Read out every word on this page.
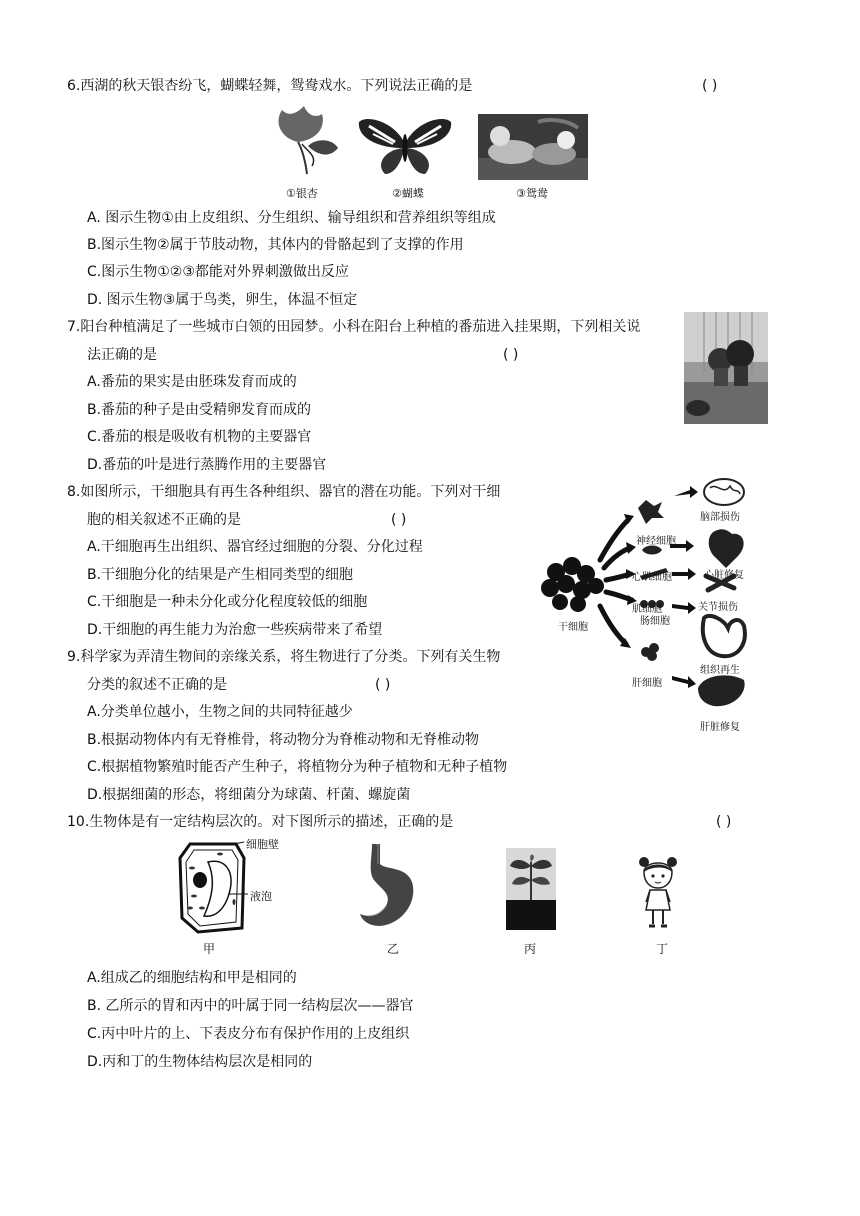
6.西湖的秋天银杏纷飞，蝴蝶轻舞，鸳鸯戏水。下列说法正确的是	( )
①银杏	②蝴蝶	③鸳鸯
A. 图示生物①由上皮组织、分生组织、输导组织和营养组织等组成
B.图示生物②属于节肢动物，其体内的骨骼起到了支撑的作用
C.图示生物①②③都能对外界刺激做出反应
D. 图示生物③属于鸟类，卵生，体温不恒定
7.阳台种植满足了一些城市白领的田园梦。小科在阳台上种植的番茄进入挂果期，下列相关说
法正确的是	( )
A.番茄的果实是由胚珠发育而成的
B.番茄的种子是由受精卵发育而成的
C.番茄的根是吸收有机物的主要器官
D.番茄的叶是进行蒸腾作用的主要器官
8.如图所示，干细胞具有再生各种组织、器官的潜在功能。下列对干细
胞的相关叙述不正确的是	( )
A.干细胞再生出组织、器官经过细胞的分裂、分化过程
B.干细胞分化的结果是产生相同类型的细胞
C.干细胞是一种未分化或分化程度较低的细胞
D.干细胞的再生能力为治愈一些疾病带来了希望	干细胞
神经细胞
心肌细胞
肌细胞
肠细胞
肝细胞
脑部损伤
心脏修复
关节损伤
组织再生
肝脏修复
9.科学家为弄清生物间的亲缘关系，将生物进行了分类。下列有关生物
分类的叙述不正确的是	( )
A.分类单位越小，生物之间的共同特征越少
B.根据动物体内有无脊椎骨，将动物分为脊椎动物和无脊椎动物
C.根据植物繁殖时能否产生种子，将植物分为种子植物和无种子植物
D.根据细菌的形态，将细菌分为球菌、杆菌、螺旋菌
10.生物体是有一定结构层次的。对下图所示的描述，正确的是	( )
细胞壁
液泡
甲	乙	丙	丁
A.组成乙的细胞结构和甲是相同的
B. 乙所示的胃和丙中的叶属于同一结构层次——器官
C.丙中叶片的上、下表皮分布有保护作用的上皮组织
D.丙和丁的生物体结构层次是相同的
